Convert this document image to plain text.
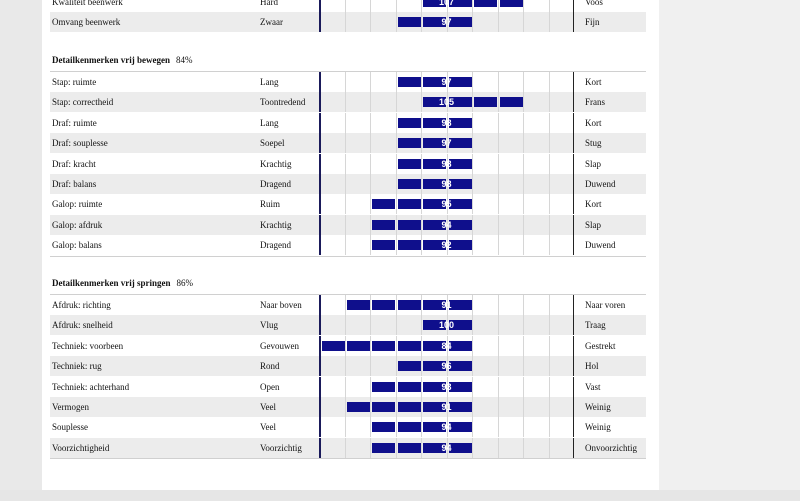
Kwaliteit beenwerk	Hard	107	Voos
Omvang beenwerk	Zwaar	97	Fijn
Detailkenmerken vrij bewegen 84%
Stap: ruimte	Lang	97	Kort
Stap: correctheid	Toontredend	105	Frans
Draf: ruimte	Lang	98	Kort
Draf: souplesse	Soepel	97	Stug
Draf: kracht	Krachtig	98	Slap
Draf: balans	Dragend	98	Duwend
Galop: ruimte	Ruim	95	Kort
Galop: afdruk	Krachtig	94	Slap
Galop: balans	Dragend	92	Duwend
Detailkenmerken vrij springen 86%
Afdruk: richting	Naar boven	91	Naar voren
Afdruk: snelheid	Vlug	100	Traag
Techniek: voorbeen	Gevouwen	84	Gestrekt
Techniek: rug	Rond	96	Hol
Techniek: achterhand	Open	93	Vast
Vermogen	Veel	91	Weinig
Souplesse	Veel	94	Weinig
Voorzichtigheid	Voorzichtig	94	Onvoorzichtig
